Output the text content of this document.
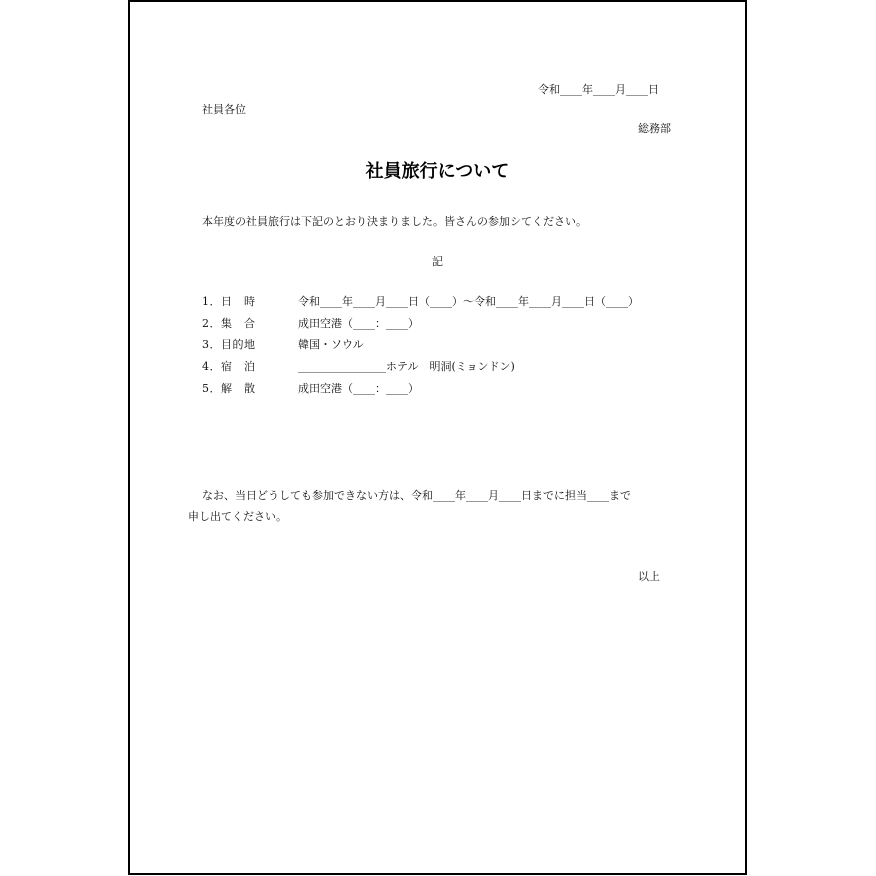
令和____年____月____日
社員各位
総務部
社員旅行について
本年度の社員旅行は下記のとおり決まりました。皆さんの参加シてください。
記
1．日　時	令和____年____月____日（____）～令和____年____月____日（____）
2．集　合	成田空港（____：____）
3．目的地	韓国・ソウル
4．宿　泊	________________ホテル　明洞(ミョンドン)
5．解　散	成田空港（____：____）
なお、当日どうしても参加できない方は、令和____年____月____日までに担当____まで
申し出てください。
以上
